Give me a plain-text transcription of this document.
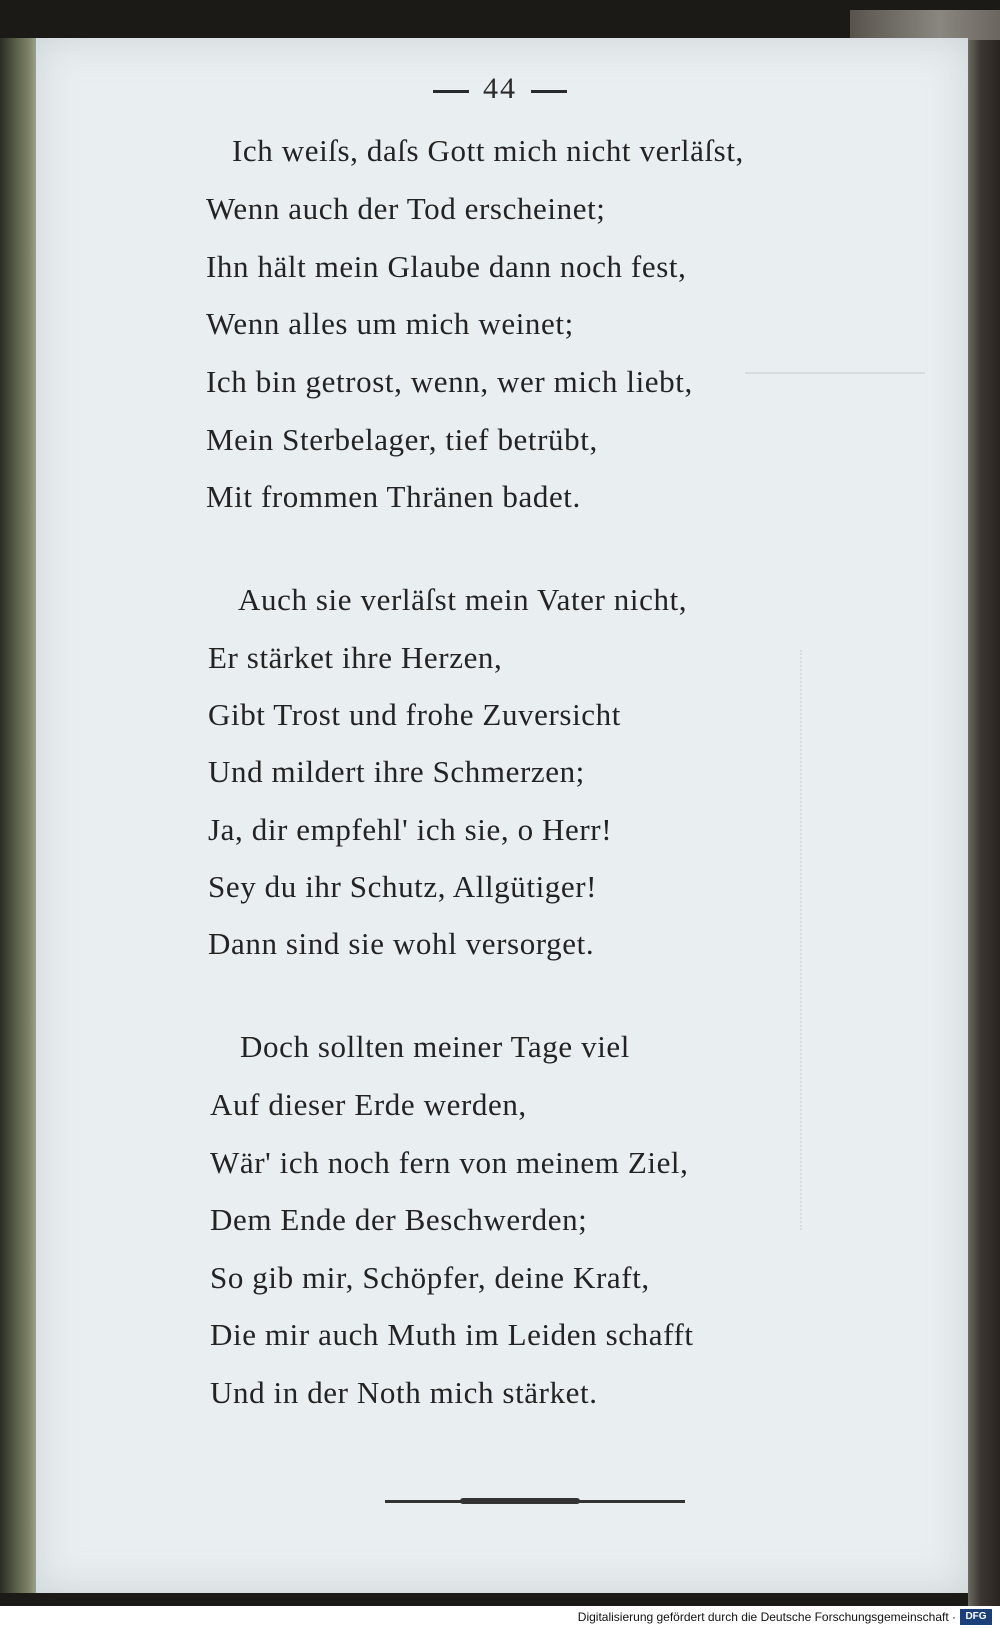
44
Ich weiſs, daſs Gott mich nicht verläſst,
Wenn auch der Tod erscheinet;
Ihn hält mein Glaube dann noch fest,
Wenn alles um mich weinet;
Ich bin getrost, wenn, wer mich liebt,
Mein Sterbelager, tief betrübt,
Mit frommen Thränen badet.
Auch sie verläſst mein Vater nicht,
Er stärket ihre Herzen,
Gibt Trost und frohe Zuversicht
Und mildert ihre Schmerzen;
Ja, dir empfehl' ich sie, o Herr!
Sey du ihr Schutz, Allgütiger!
Dann sind sie wohl versorget.
Doch sollten meiner Tage viel
Auf dieser Erde werden,
Wär' ich noch fern von meinem Ziel,
Dem Ende der Beschwerden;
So gib mir, Schöpfer, deine Kraft,
Die mir auch Muth im Leiden schafft
Und in der Noth mich stärket.
Digitalisierung gefördert durch die Deutsche Forschungsgemeinschaft · DFG
